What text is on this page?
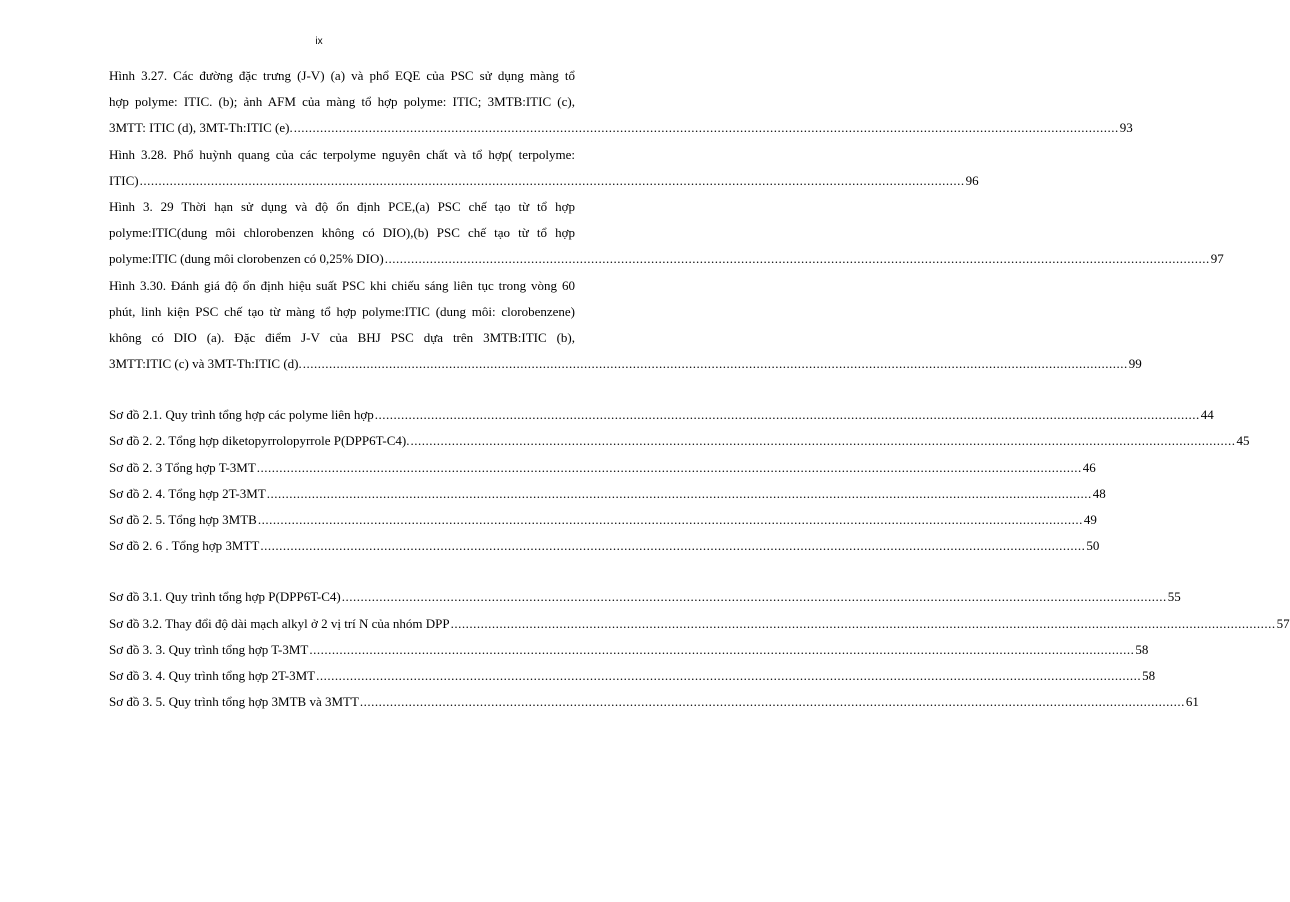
ix
Hình 3.27. Các đường đặc trưng (J-V) (a) và phổ EQE của PSC sử dụng màng tổ
hợp polyme: ITIC. (b); ảnh AFM của màng tổ hợp polyme: ITIC; 3MTB:ITIC (c),
3MTT: ITIC (d), 3MT-Th:ITIC (e). ............................................................................................................................................................................................................................ 93
Hình 3.28. Phổ huỳnh quang của các terpolyme nguyên chất và tổ hợp( terpolyme:
ITIC) ............................................................................................................................................................................................................................ 96
Hình 3. 29 Thời hạn sử dụng và độ ổn định PCE,(a) PSC chế tạo từ tổ hợp
polyme:ITIC(dung môi chlorobenzen không có DIO),(b) PSC chế tạo từ tổ hợp
polyme:ITIC (dung môi clorobenzen có 0,25% DIO) ............................................................................................................................................................................................................................ 97
Hình 3.30. Đánh giá độ ổn định hiệu suất PSC khi chiếu sáng liên tục trong vòng 60
phút, linh kiện PSC chế tạo từ màng tổ hợp polyme:ITIC (dung môi: clorobenzene)
không có DIO (a). Đặc điểm J-V của BHJ PSC dựa trên 3MTB:ITIC (b),
3MTT:ITIC (c) và 3MT-Th:ITIC (d). ............................................................................................................................................................................................................................ 99
Sơ đồ 2.1. Quy trình tổng hợp các polyme liên hợp ............................................................................................................................................................................................................................ 44
Sơ đồ 2. 2. Tổng hợp diketopyrrolopyrrole P(DPP6T-C4). ............................................................................................................................................................................................................................ 45
Sơ đồ 2. 3 Tổng hợp T-3MT ............................................................................................................................................................................................................................ 46
Sơ đồ 2. 4. Tổng hợp 2T-3MT ............................................................................................................................................................................................................................ 48
Sơ đồ 2. 5. Tổng hợp 3MTB ............................................................................................................................................................................................................................ 49
Sơ đồ 2. 6 . Tổng hợp 3MTT ............................................................................................................................................................................................................................ 50
Sơ đồ 3.1. Quy trình tổng hợp P(DPP6T-C4) ............................................................................................................................................................................................................................ 55
Sơ đồ 3.2. Thay đổi độ dài mạch alkyl ở 2 vị trí N của nhóm DPP ............................................................................................................................................................................................................................ 57
Sơ đồ 3. 3. Quy trình tổng hợp T-3MT ............................................................................................................................................................................................................................ 58
Sơ đồ 3. 4. Quy trình tổng hợp 2T-3MT ............................................................................................................................................................................................................................ 58
Sơ đồ 3. 5. Quy trình tổng hợp 3MTB và 3MTT ............................................................................................................................................................................................................................ 61
